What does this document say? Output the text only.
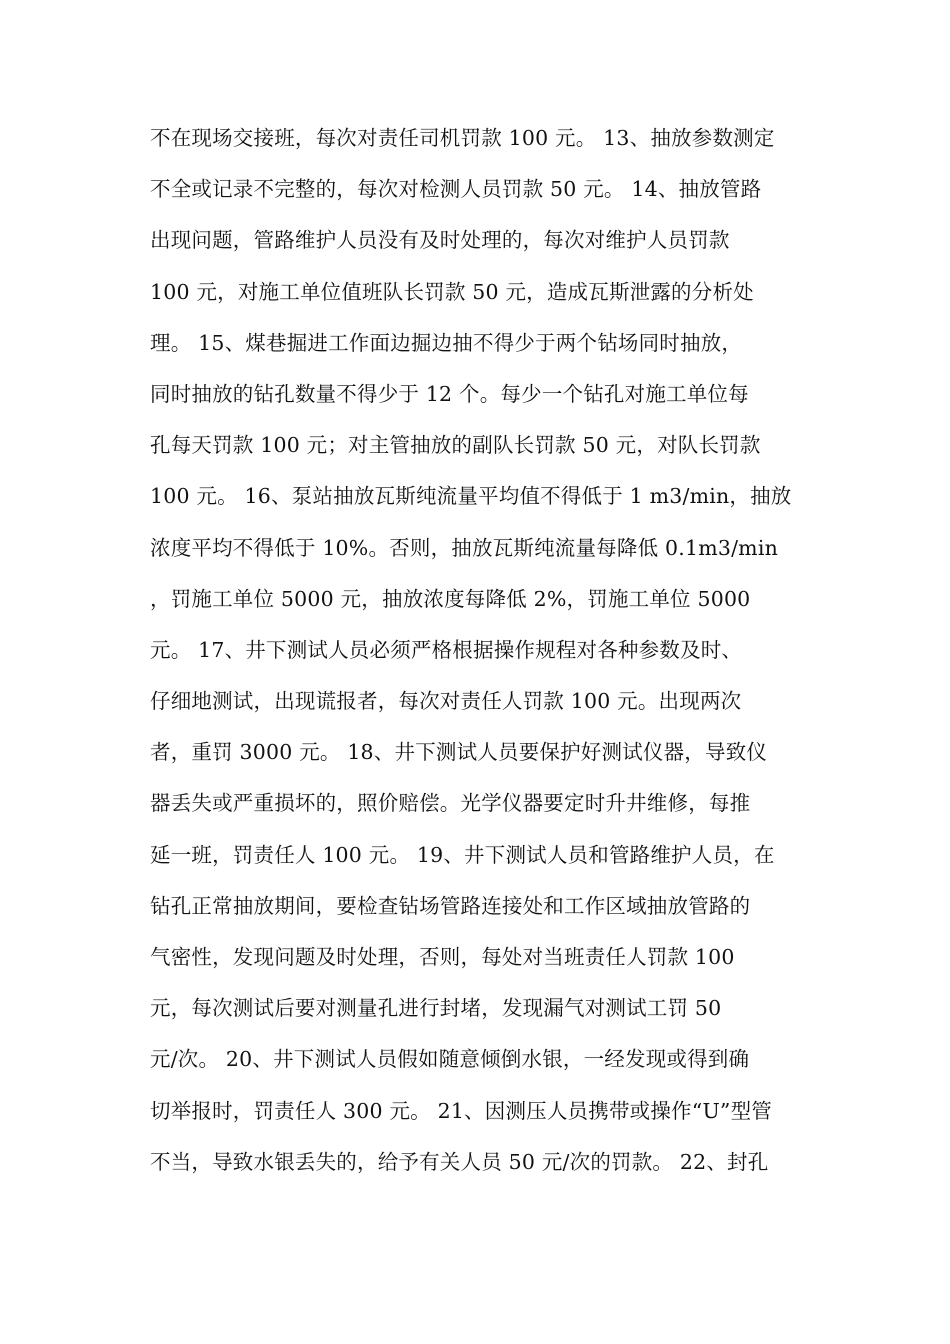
不在现场交接班，每次对责任司机罚款 100 元。 13、抽放参数测定
不全或记录不完整的，每次对检测人员罚款 50 元。 14、抽放管路
出现问题，管路维护人员没有及时处理的，每次对维护人员罚款
100 元，对施工单位值班队长罚款 50 元，造成瓦斯泄露的分析处
理。 15、煤巷掘进工作面边掘边抽不得少于两个钻场同时抽放，
同时抽放的钻孔数量不得少于 12 个。每少一个钻孔对施工单位每
孔每天罚款 100 元；对主管抽放的副队长罚款 50 元，对队长罚款
100 元。 16、泵站抽放瓦斯纯流量平均值不得低于 1 m3/min，抽放
浓度平均不得低于 10%。否则，抽放瓦斯纯流量每降低 0.1m3/min
，罚施工单位 5000 元，抽放浓度每降低 2%，罚施工单位 5000
元。 17、井下测试人员必须严格根据操作规程对各种参数及时、
仔细地测试，出现谎报者，每次对责任人罚款 100 元。出现两次
者，重罚 3000 元。 18、井下测试人员要保护好测试仪器，导致仪
器丢失或严重损坏的，照价赔偿。光学仪器要定时升井维修，每推
延一班，罚责任人 100 元。 19、井下测试人员和管路维护人员，在
钻孔正常抽放期间，要检查钻场管路连接处和工作区域抽放管路的
气密性，发现问题及时处理，否则，每处对当班责任人罚款 100
元，每次测试后要对测量孔进行封堵，发现漏气对测试工罚 50
元/次。 20、井下测试人员假如随意倾倒水银，一经发现或得到确
切举报时，罚责任人 300 元。 21、因测压人员携带或操作“U”型管
不当，导致水银丢失的，给予有关人员 50 元/次的罚款。 22、封孔
